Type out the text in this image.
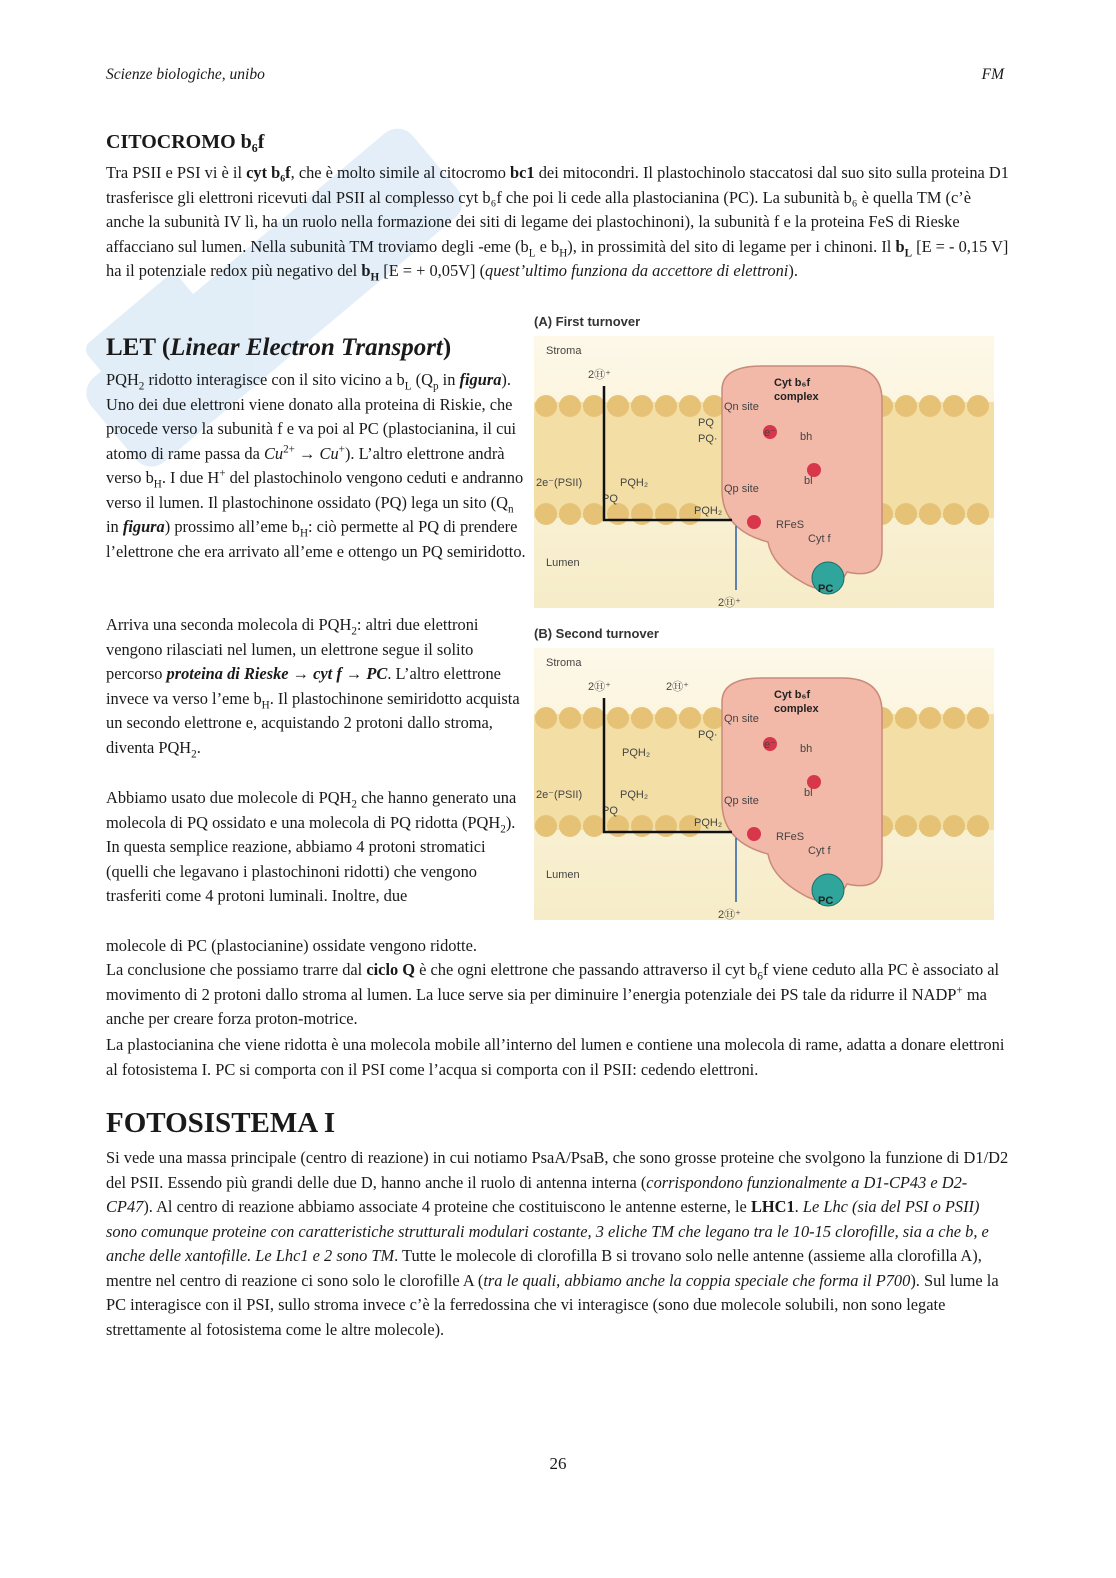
Scienze biologiche, unibo	FM
CITOCROMO b₆f

Tra PSII e PSI vi è il cyt b₆f, che è molto simile al citocromo bc1 dei mitocondri. Il plastochinolo staccatosi dal suo sito sulla proteina D1 trasferisce gli elettroni ricevuti dal PSII al complesso cyt b₆f che poi li cede alla plastocianina (PC). La subunità b₆ è quella TM (c’è anche la subunità IV lì, ha un ruolo nella formazione dei siti di legame dei plastochinoni), la subunità f e la proteina FeS di Rieske affacciano sul lumen. Nella subunità TM troviamo degli -eme ($b_L$ e $b_H$), in prossimità del sito di legame per i chinoni. Il $b_L$ [E = - 0,15 V] ha il potenziale redox più negativo del $b_H$ [E = + 0,05V] (quest’ultimo funziona da accettore di elettroni).

LET (Linear Electron Transport)

$PQH_2$ ridotto interagisce con il sito vicino a $b_L$ ($Q_p$ in figura). Uno dei due elettroni viene donato alla proteina di Riskie, che procede verso la subunità f e va poi al PC (plastocianina, il cui atomo di rame passa da $Cu^{2+} \to Cu^+$). L’altro elettrone andrà verso $b_H$. I due H+ del plastochinolo vengono ceduti e andranno verso il lumen. Il plastochinone ossidato (PQ) lega un sito ($Q_n$ in figura) prossimo all’eme $b_H$: ciò permette al PQ di prendere l’elettrone che era arrivato all’eme e ottengo un PQ semiridotto.

Arriva una seconda molecola di $PQH_2$: altri due elettroni vengono rilasciati nel lumen, un elettrone segue il solito percorso proteina di Rieske → cyt f → PC. L’altro elettrone invece va verso l’eme $b_H$. Il plastochinone semiridotto acquista un secondo elettrone e, acquistando 2 protoni dallo stroma, diventa $PQH_2$.

Abbiamo usato due molecole di $PQH_2$ che hanno generato una molecola di PQ ossidato e una molecola di PQ ridotta $(PQH_2)$. In questa semplice reazione, abbiamo 4 protoni stromatici (quelli che legavano i plastochinoni ridotti) che vengono trasferiti come 4 protoni luminali. Inoltre, due

molecole di PC (plastocianine) ossidate vengono ridotte.

La conclusione che possiamo trarre dal ciclo Q è che ogni elettrone che passando attraverso il cyt $b_6f$ viene ceduto alla PC è associato al movimento di 2 protoni dallo stroma al lumen. La luce serve sia per diminuire l’energia potenziale dei PS tale da ridurre il NADP+ ma anche per creare forza proton-motrice.

La plastocianina che viene ridotta è una molecola mobile all’interno del lumen e contiene una molecola di rame, adatta a donare elettroni al fotosistema I. PC si comporta con il PSI come l’acqua si comporta con il PSII: cedendo elettroni.

FOTOSISTEMA I

Si vede una massa principale (centro di reazione) in cui notiamo PsaA/PsaB, che sono grosse proteine che svolgono la funzione di D1/D2 del PSII. Essendo più grandi delle due D, hanno anche il ruolo di antenna interna (corrispondono funzionalmente a D1-CP43 e D2-CP47). Al centro di reazione abbiamo associate 4 proteine che costituiscono le antenne esterne, le LHC1. Le Lhc (sia del PSI o PSII) sono comunque proteine con caratteristiche strutturali modulari costante, 3 eliche TM che legano tra le 10-15 clorofille, sia a che b, e anche delle xantofille. Le Lhc1 e 2 sono TM. Tutte le molecole di clorofilla B si trovano solo nelle antenne (assieme alla clorofilla A), mentre nel centro di reazione ci sono solo le clorofille A (tra le quali, abbiamo anche la coppia speciale che forma il P700). Sul lume la PC interagisce con il PSI, sullo stroma invece c’è la ferredossina che vi interagisce (sono due molecole solubili, non sono legate strettamente al fotosistema come le altre molecole).

(A) First turnover
Stroma
PC
Cyt b₆f
complex
Qn site
Qp site
PQ
PQ·
PQH₂
PQH₂
2e⁻(PSII)
PQ
2Ⓗ⁺
2Ⓗ⁺
bh
bl
RFeS
Cyt f
Lumen
e⁻
(B) Second turnover
Stroma
PC
Cyt b₆f
complex
Qn site
Qp site
PQ·
PQH₂
PQH₂
PQH₂
2e⁻(PSII)
PQ
2Ⓗ⁺	2Ⓗ⁺
2Ⓗ⁺
bh
bl
RFeS
Cyt f
Lumen
e⁻
26
